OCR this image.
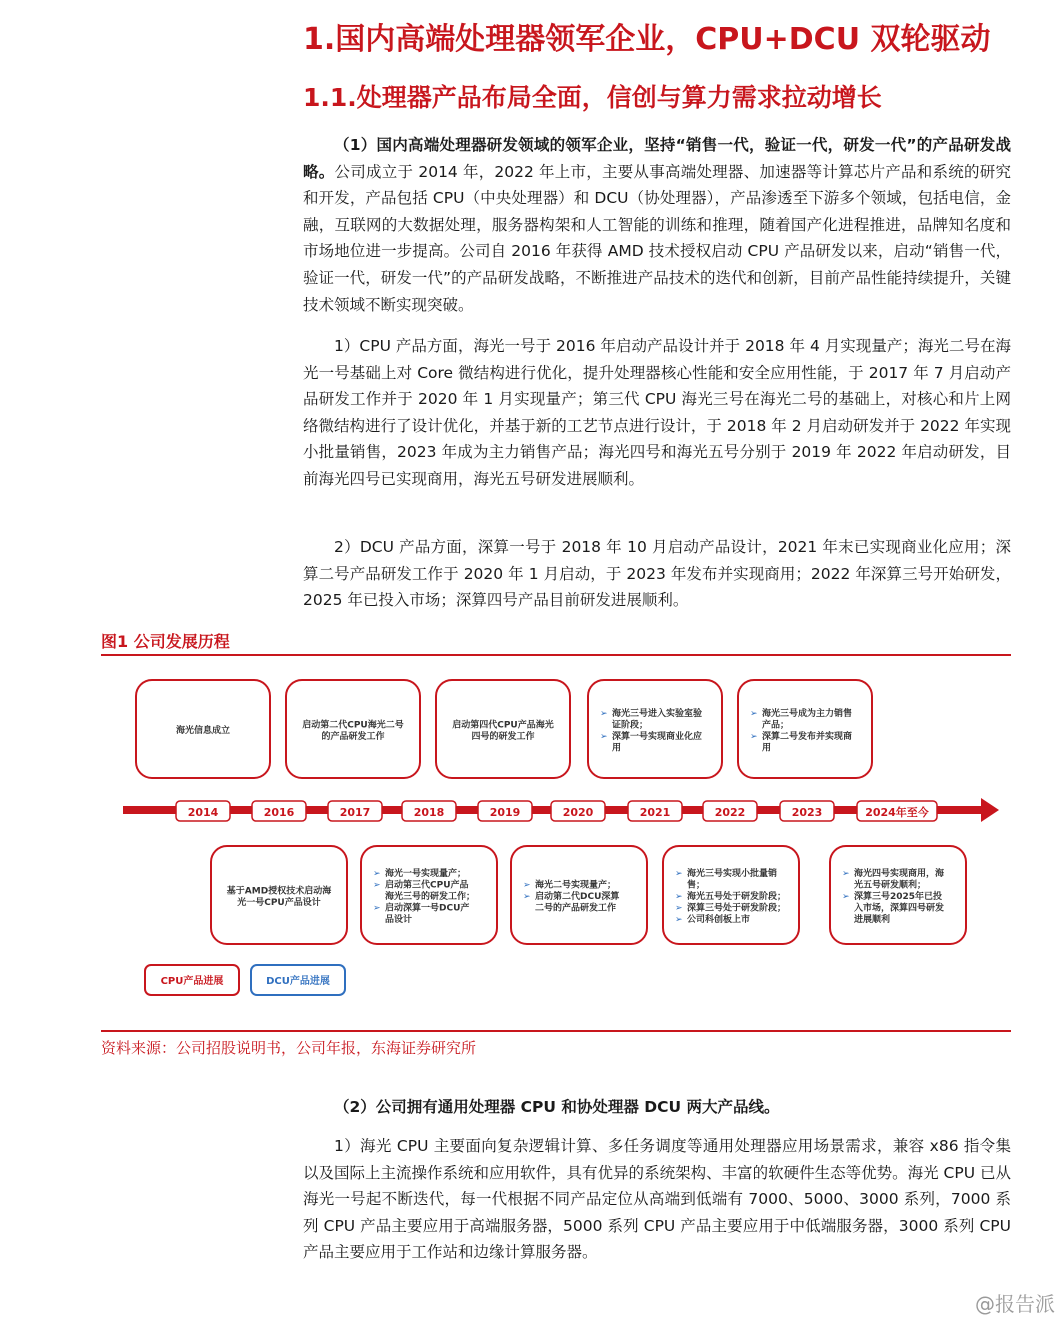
1.国内高端处理器领军企业，CPU+DCU 双轮驱动
1.1.处理器产品布局全面，信创与算力需求拉动增长
（1）国内高端处理器研发领域的领军企业，坚持“销售一代，验证一代，研发一代”的产品研发战略。公司成立于 2014 年，2022 年上市，主要从事高端处理器、加速器等计算芯片产品和系统的研究和开发，产品包括 CPU（中央处理器）和 DCU（协处理器），产品渗透至下游多个领域，包括电信，金融，互联网的大数据处理，服务器构架和人工智能的训练和推理，随着国产化进程推进，品牌知名度和市场地位进一步提高。公司自 2016 年获得 AMD 技术授权启动 CPU 产品研发以来，启动“销售一代，验证一代，研发一代”的产品研发战略，不断推进产品技术的迭代和创新，目前产品性能持续提升，关键技术领域不断实现突破。
1）CPU 产品方面，海光一号于 2016 年启动产品设计并于 2018 年 4 月实现量产；海光二号在海光一号基础上对 Core 微结构进行优化，提升处理器核心性能和安全应用性能，于 2017 年 7 月启动产品研发工作并于 2020 年 1 月实现量产；第三代 CPU 海光三号在海光二号的基础上，对核心和片上网络微结构进行了设计优化，并基于新的工艺节点进行设计，于 2018 年 2 月启动研发并于 2022 年实现小批量销售，2023 年成为主力销售产品；海光四号和海光五号分别于 2019 年 2022 年启动研发，目前海光四号已实现商用，海光五号研发进展顺利。
2）DCU 产品方面，深算一号于 2018 年 10 月启动产品设计，2021 年末已实现商业化应用；深算二号产品研发工作于 2020 年 1 月启动，于 2023 年发布并实现商用；2022 年深算三号开始研发，2025 年已投入市场；深算四号产品目前研发进展顺利。
图1 公司发展历程
2014	2016	2017	2018	2019	2020	2021	2022	2023	2024年至今
海光信息成立
启动第二代CPU海光二号
的产品研发工作
启动第四代CPU产品海光
四号的研发工作
➢ 海光三号进入实验室验
证阶段；
➢ 深算一号实现商业化应
用
➢ 海光三号成为主力销售
产品；
➢ 深算二号发布并实现商
用
基于AMD授权技术启动海
光一号CPU产品设计
➢ 海光一号实现量产；
➢ 启动第三代CPU产品
海光三号的研发工作；
➢ 启动深算一号DCU产
品设计
➢ 海光二号实现量产；
➢ 启动第二代DCU深算
二号的产品研发工作
➢ 海光三号实现小批量销
售；
➢ 海光五号处于研发阶段；
➢ 深算三号处于研发阶段；
➢ 公司科创板上市
➢ 海光四号实现商用，海
光五号研发顺利；
➢ 深算三号2025年已投
入市场，深算四号研发
进展顺利
CPU产品进展	DCU产品进展
资料来源：公司招股说明书，公司年报，东海证券研究所
（2）公司拥有通用处理器 CPU 和协处理器 DCU 两大产品线。
1）海光 CPU 主要面向复杂逻辑计算、多任务调度等通用处理器应用场景需求，兼容 x86 指令集以及国际上主流操作系统和应用软件，具有优异的系统架构、丰富的软硬件生态等优势。海光 CPU 已从海光一号起不断迭代，每一代根据不同产品定位从高端到低端有 7000、5000、3000 系列，7000 系列 CPU 产品主要应用于高端服务器，5000 系列 CPU 产品主要应用于中低端服务器，3000 系列 CPU 产品主要应用于工作站和边缘计算服务器。
@报告派
